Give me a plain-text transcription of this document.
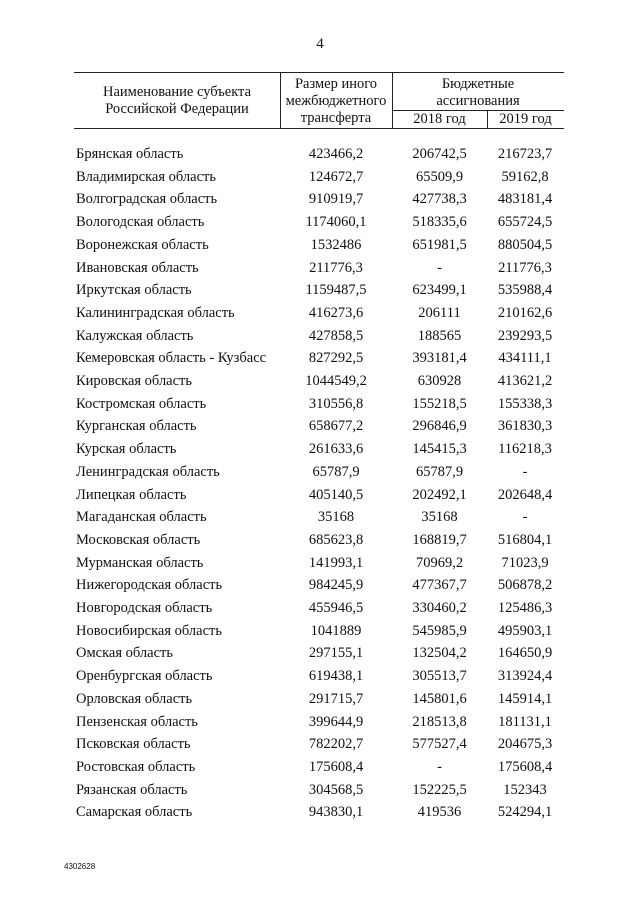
4
Наименование субъекта
Российской Федерации
Размер иного
межбюджетного
трансферта
Бюджетные
ассигнования
2018 год	2019 год
Брянская область	423466,2	206742,5	216723,7
Владимирская область	124672,7	65509,9	59162,8
Волгоградская область	910919,7	427738,3	483181,4
Вологодская область	1174060,1	518335,6	655724,5
Воронежская область	1532486	651981,5	880504,5
Ивановская область	211776,3	-	211776,3
Иркутская область	1159487,5	623499,1	535988,4
Калининградская область	416273,6	206111	210162,6
Калужская область	427858,5	188565	239293,5
Кемеровская область - Кузбасс	827292,5	393181,4	434111,1
Кировская область	1044549,2	630928	413621,2
Костромская область	310556,8	155218,5	155338,3
Курганская область	658677,2	296846,9	361830,3
Курская область	261633,6	145415,3	116218,3
Ленинградская область	65787,9	65787,9	-
Липецкая область	405140,5	202492,1	202648,4
Магаданская область	35168	35168	-
Московская область	685623,8	168819,7	516804,1
Мурманская область	141993,1	70969,2	71023,9
Нижегородская область	984245,9	477367,7	506878,2
Новгородская область	455946,5	330460,2	125486,3
Новосибирская область	1041889	545985,9	495903,1
Омская область	297155,1	132504,2	164650,9
Оренбургская область	619438,1	305513,7	313924,4
Орловская область	291715,7	145801,6	145914,1
Пензенская область	399644,9	218513,8	181131,1
Псковская область	782202,7	577527,4	204675,3
Ростовская область	175608,4	-	175608,4
Рязанская область	304568,5	152225,5	152343
Самарская область	943830,1	419536	524294,1
4302628
